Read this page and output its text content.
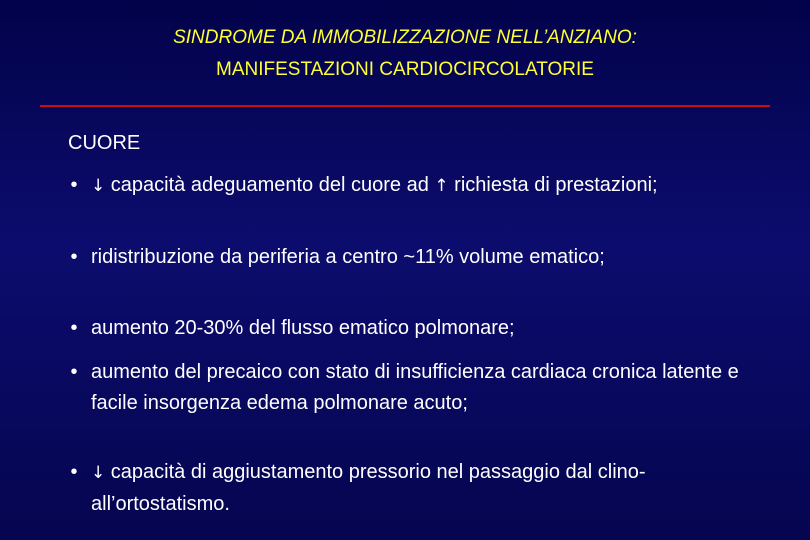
SINDROME DA IMMOBILIZZAZIONE NELL’ANZIANO:
MANIFESTAZIONI CARDIOCIRCOLATORIE
CUORE
• ↓ capacità adeguamento del cuore ad ↑ richiesta di prestazioni;
• ridistribuzione da periferia a centro ~11% volume ematico;
• aumento 20-30% del flusso ematico polmonare;
• aumento del precaico con stato di insufficienza cardiaca cronica latente e facile insorgenza edema polmonare acuto;
• ↓ capacità di aggiustamento pressorio nel passaggio dal clino- all’ortostatismo.
